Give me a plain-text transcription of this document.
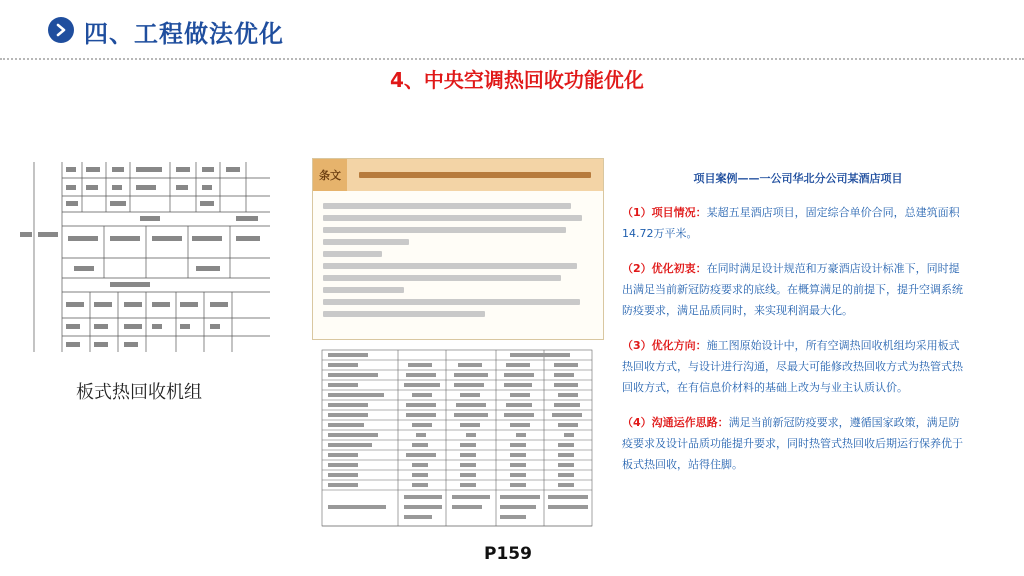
四、工程做法优化
4、中央空调热回收功能优化
板式热回收机组
条文
P159
项目案例——一公司华北分公司某酒店项目

（1）项目情况：某超五星酒店项目，固定综合单价合同，总建筑面积14.72万平米。

（2）优化初衷：在同时满足设计规范和万豪酒店设计标准下，同时提出满足当前新冠防疫要求的底线。在概算满足的前提下，提升空调系统防疫要求，满足品质同时，来实现利润最大化。

（3）优化方向：施工图原始设计中，所有空调热回收机组均采用板式热回收方式，与设计进行沟通，尽最大可能修改热回收方式为热管式热回收方式，在有信息价材料的基础上改为与业主认质认价。

（4）沟通运作思路：满足当前新冠防疫要求，遵循国家政策，满足防疫要求及设计品质功能提升要求，同时热管式热回收后期运行保养优于板式热回收，站得住脚。
